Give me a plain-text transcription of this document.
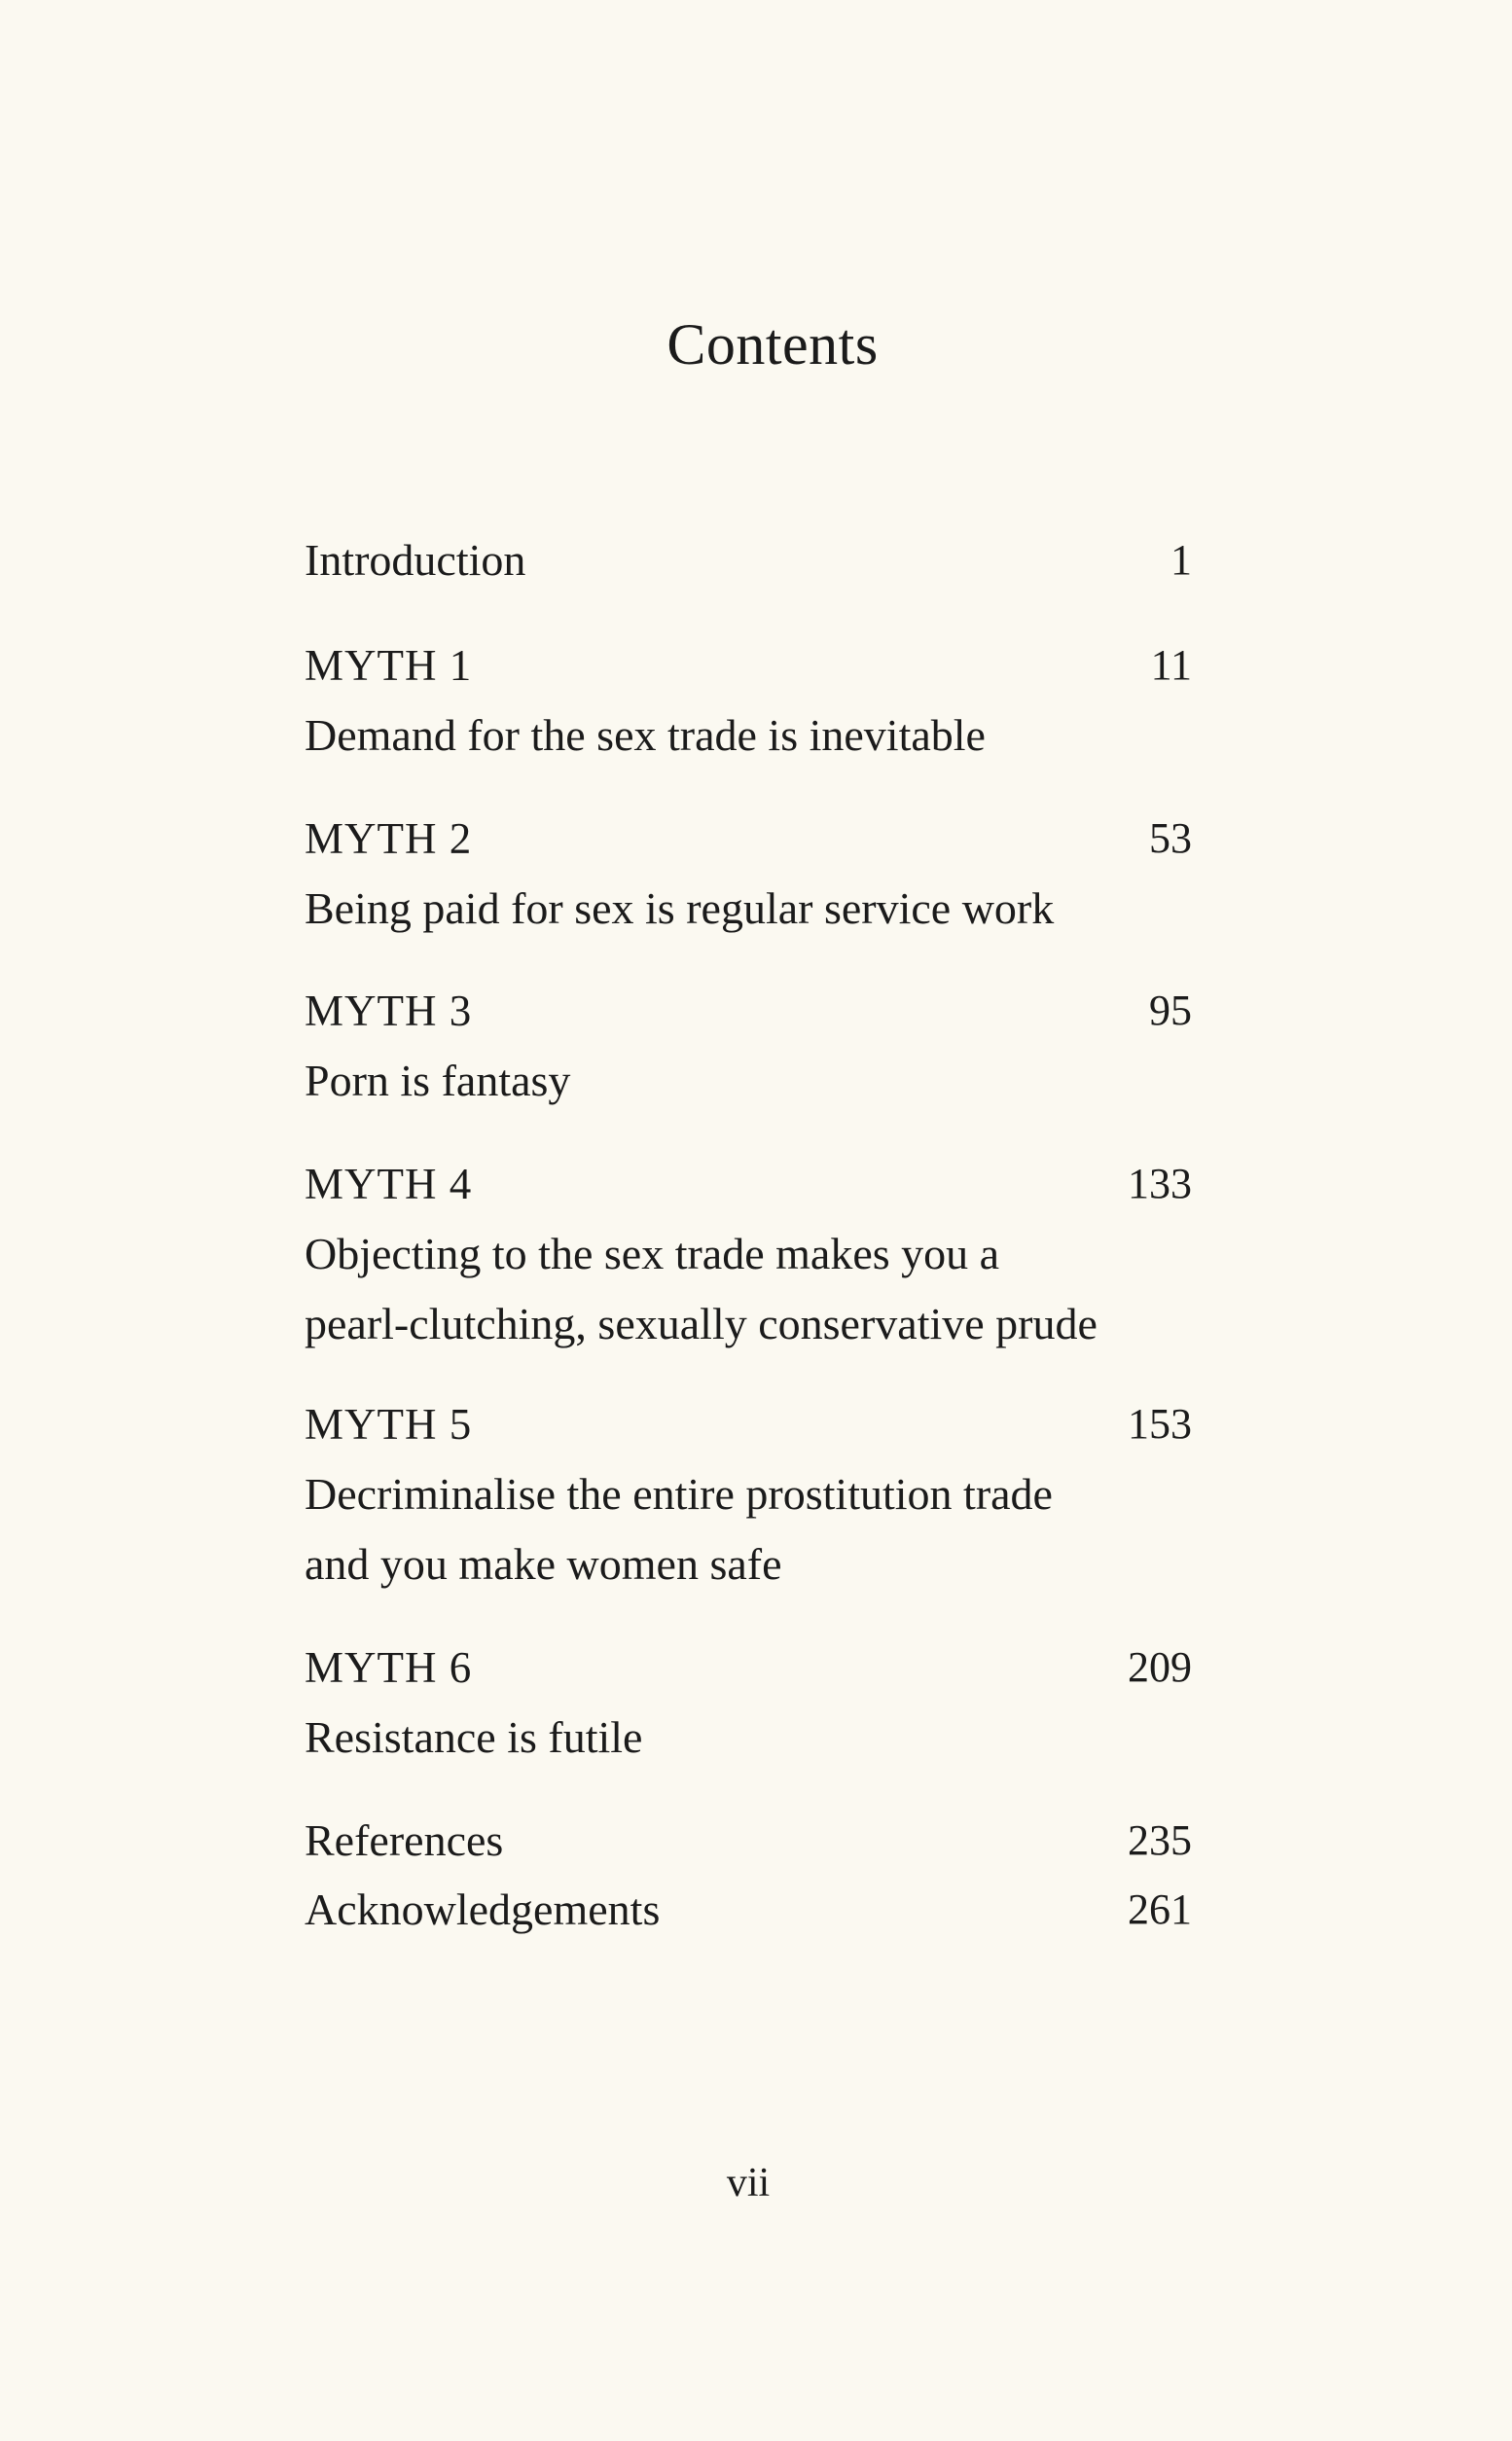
Contents
Introduction	1
MYTH 1	11
Demand for the sex trade is inevitable
MYTH 2	53
Being paid for sex is regular service work
MYTH 3	95
Porn is fantasy
MYTH 4	133
Objecting to the sex trade makes you a
pearl-clutching, sexually conservative prude
MYTH 5	153
Decriminalise the entire prostitution trade
and you make women safe
MYTH 6	209
Resistance is futile
References	235
Acknowledgements	261
vii
